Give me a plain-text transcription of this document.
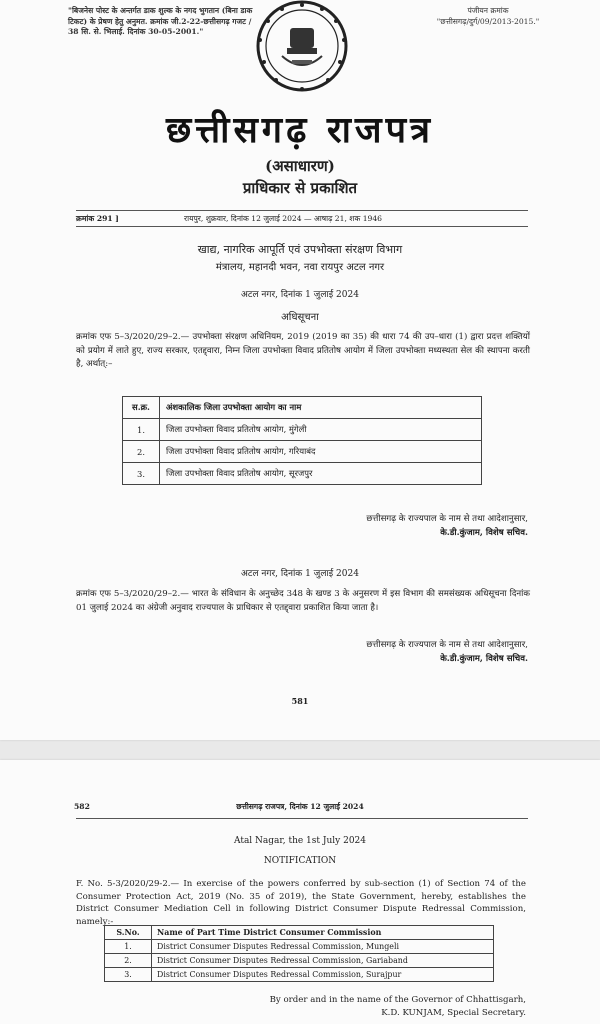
"बिजनेस पोस्ट के अन्तर्गत डाक शुल्क के नगद भुगतान (बिना डाक टिकट) के प्रेषण हेतु अनुमत. क्रमांक जी.2-22-छत्तीसगढ़ गजट / 38 सि. से. भिलाई. दिनांक 30-05-2001."
पंजीयन क्रमांक
"छत्तीसगढ़/दुर्ग/09/2013-2015."
छत्तीसगढ़ राजपत्र
(असाधारण)
प्राधिकार से प्रकाशित
क्रमांक 291 ]	रायपुर, शुक्रवार, दिनांक 12 जुलाई 2024 — आषाढ़ 21, शक 1946
खाद्य, नागरिक आपूर्ति एवं उपभोक्ता संरक्षण विभाग
मंत्रालय, महानदी भवन, नवा रायपुर अटल नगर
अटल नगर, दिनांक 1 जुलाई 2024
अधिसूचना
क्रमांक एफ 5–3/2020/29–2.— उपभोक्ता संरक्षण अधिनियम, 2019 (2019 का 35) की धारा 74 की उप–धारा (1) द्वारा प्रदत्त शक्तियों को प्रयोग में लाते हुए, राज्य सरकार, एतद्द्वारा, निम्न जिला उपभोक्ता विवाद प्रतितोष आयोग में जिला उपभोक्ता मध्यस्थता सेल की स्थापना करती है, अर्थात्:–
स.क्र.	अंशकालिक जिला उपभोक्ता आयोग का नाम
1.	जिला उपभोक्ता विवाद प्रतितोष आयोग, मुंगेली
2.	जिला उपभोक्ता विवाद प्रतितोष आयोग, गरियाबंद
3.	जिला उपभोक्ता विवाद प्रतितोष आयोग, सूरजपुर
छत्तीसगढ़ के राज्यपाल के नाम से तथा आदेशानुसार,
के.डी.कुंजाम, विशेष सचिव.
अटल नगर, दिनांक 1 जुलाई 2024
क्रमांक एफ 5–3/2020/29–2.— भारत के संविधान के अनुच्छेद 348 के खण्ड 3 के अनुसरण में इस विभाग की समसंख्यक अधिसूचना दिनांक 01 जुलाई 2024 का अंग्रेजी अनुवाद राज्यपाल के प्राधिकार से एतद्द्वारा प्रकाशित किया जाता है।
छत्तीसगढ़ के राज्यपाल के नाम से तथा आदेशानुसार,
के.डी.कुंजाम, विशेष सचिव.
581
582	छत्तीसगढ़ राजपत्र, दिनांक 12 जुलाई 2024
Atal Nagar, the 1st July 2024
NOTIFICATION
F. No. 5-3/2020/29-2.— In exercise of the powers conferred by sub-section (1) of Section 74 of the Consumer Protection Act, 2019 (No. 35 of 2019), the State Government, hereby, establishes the District Consumer Mediation Cell in following District Consumer Dispute Redressal Commission, namely:-
S.No.	Name of Part Time District Consumer Commission
1.	District Consumer Disputes Redressal Commission, Mungeli
2.	District Consumer Disputes Redressal Commission, Gariaband
3.	District Consumer Disputes Redressal Commission, Surajpur
By order and in the name of the Governor of Chhattisgarh,
K.D. KUNJAM, Special Secretary.
